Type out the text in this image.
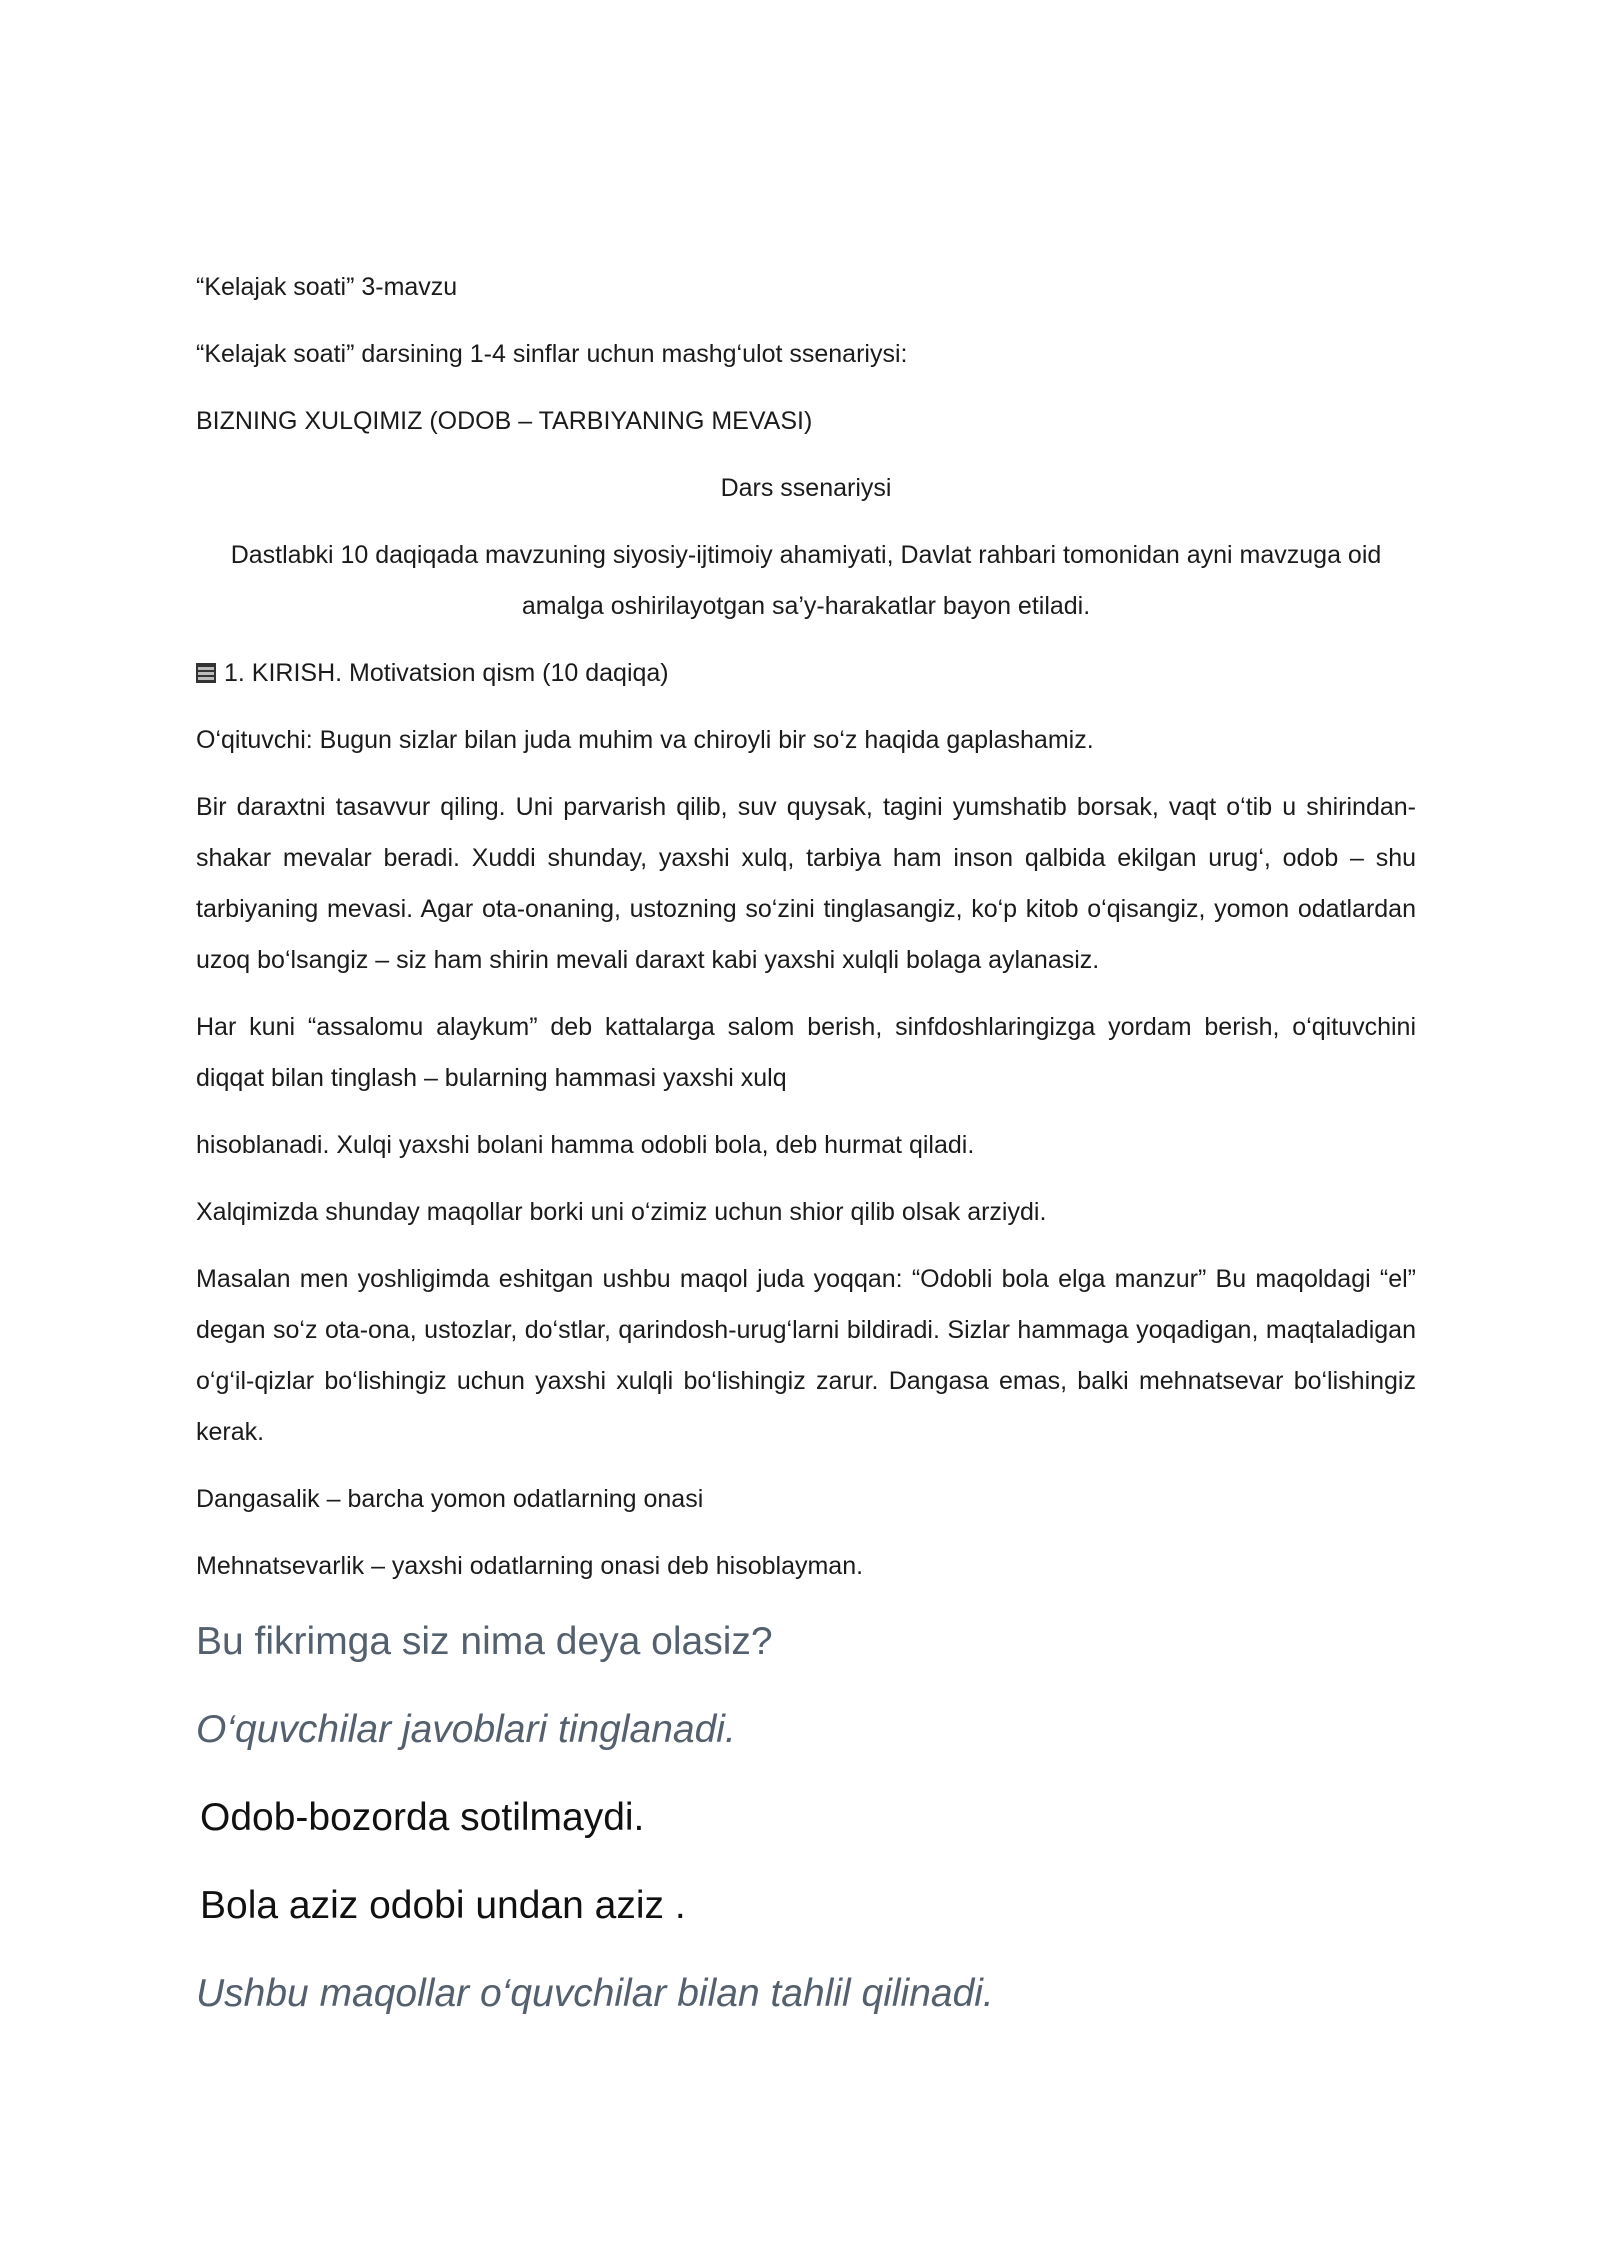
“Kelajak soati” 3-mavzu

“Kelajak soati” darsining 1-4 sinflar uchun mashg‘ulot ssenariysi:

BIZNING XULQIMIZ (ODOB – TARBIYANING MEVASI)

Dars ssenariysi

Dastlabki 10 daqiqada mavzuning siyosiy-ijtimoiy ahamiyati, Davlat rahbari tomonidan ayni mavzuga oid amalga oshirilayotgan sa’y-harakatlar bayon etiladi.

1. KIRISH. Motivatsion qism (10 daqiqa)

O‘qituvchi: Bugun sizlar bilan juda muhim va chiroyli bir so‘z haqida gaplashamiz.

Bir daraxtni tasavvur qiling. Uni parvarish qilib, suv quysak, tagini yumshatib borsak, vaqt o‘tib u shirindan-shakar mevalar beradi. Xuddi shunday, yaxshi xulq, tarbiya ham inson qalbida ekilgan urug‘, odob – shu tarbiyaning mevasi. Agar ota-onaning, ustozning so‘zini tinglasangiz, ko‘p kitob o‘qisangiz, yomon odatlardan uzoq bo‘lsangiz – siz ham shirin mevali daraxt kabi yaxshi xulqli bolaga aylanasiz.

Har kuni “assalomu alaykum” deb kattalarga salom berish, sinfdoshlaringizga yordam berish, o‘qituvchini diqqat bilan tinglash – bularning hammasi yaxshi xulq

hisoblanadi. Xulqi yaxshi bolani hamma odobli bola, deb hurmat qiladi.

Xalqimizda shunday maqollar borki uni o‘zimiz uchun shior qilib olsak arziydi.

Masalan men yoshligimda eshitgan ushbu maqol juda yoqqan: “Odobli bola elga manzur” Bu maqoldagi “el” degan so‘z ota-ona, ustozlar, do‘stlar, qarindosh-urug‘larni bildiradi. Sizlar hammaga yoqadigan, maqtaladigan o‘g‘il-qizlar bo‘lishingiz uchun yaxshi xulqli bo‘lishingiz zarur. Dangasa emas, balki mehnatsevar bo‘lishingiz kerak.

Dangasalik – barcha yomon odatlarning onasi

Mehnatsevarlik – yaxshi odatlarning onasi deb hisoblayman.

Bu fikrimga siz nima deya olasiz?

O‘quvchilar javoblari tinglanadi.

Odob-bozorda sotilmaydi.

Bola aziz odobi undan aziz .

Ushbu maqollar o‘quvchilar bilan tahlil qilinadi.
